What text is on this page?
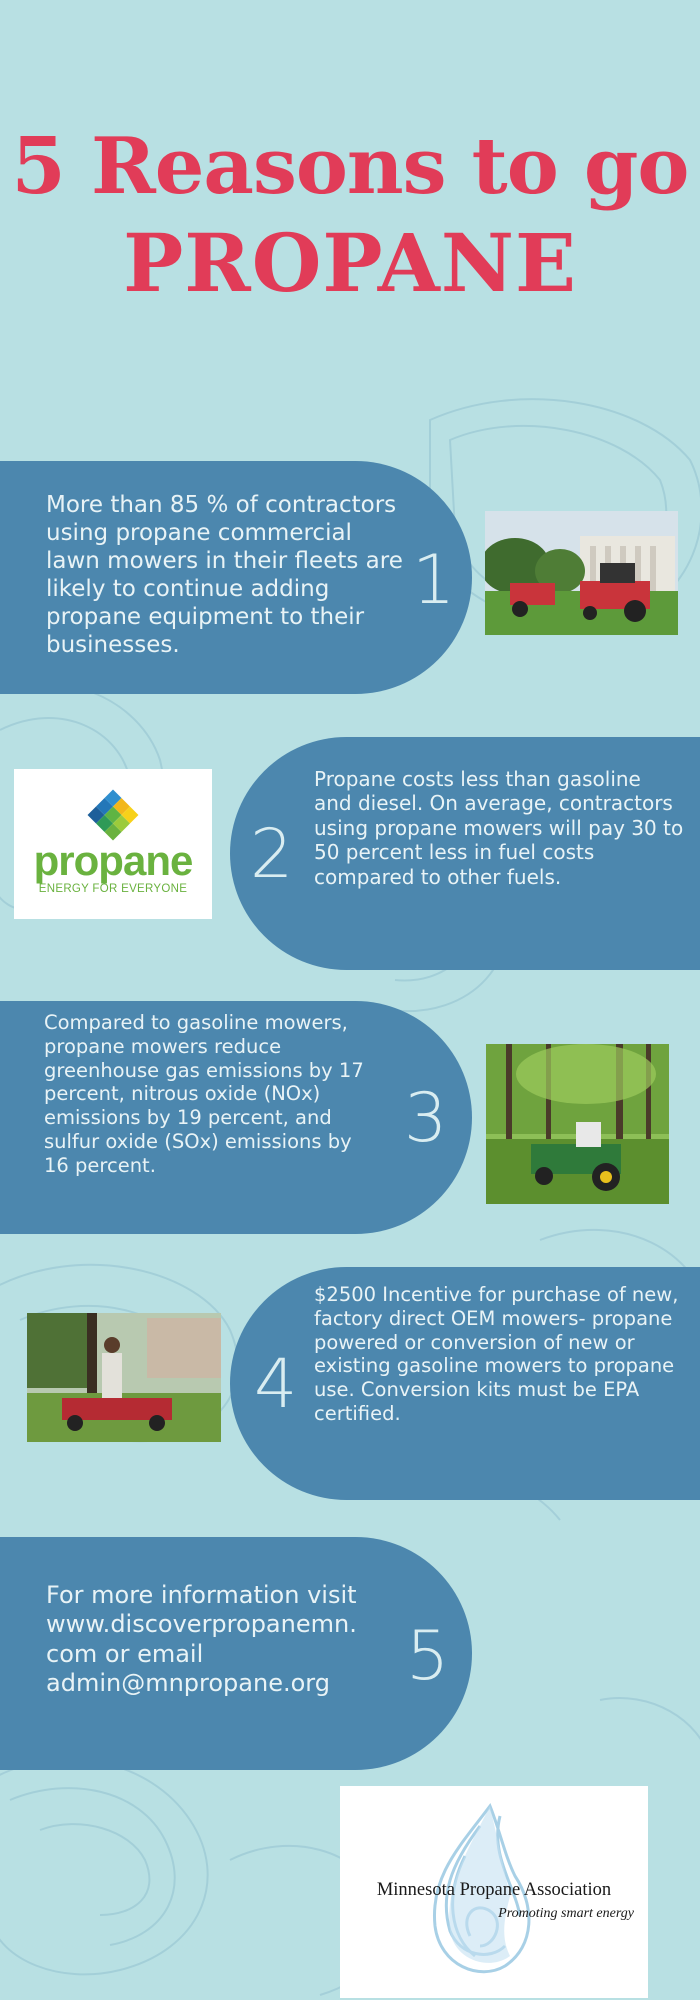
5 Reasons to go
PROPANE
More than 85 % of contractors using propane commercial lawn mowers in their fleets are likely to continue adding propane equipment to their businesses.
1
propane
ENERGY FOR EVERYONE 2
Propane costs less than gasoline and diesel. On average, contractors using propane mowers will pay 30 to 50 percent less in fuel costs compared to other fuels.
Compared to gasoline mowers, propane mowers reduce greenhouse gas emissions by 17 percent, nitrous oxide (NOx) emissions by 19 percent, and sulfur oxide (SOx) emissions by 16 percent.
3
4
$2500 Incentive for purchase of new, factory direct OEM mowers- propane powered or conversion of new or existing gasoline mowers to propane use. Conversion kits must be EPA certified.
For more information visit www.discoverpropanemn. com or email admin@mnpropane.org	5
Minnesota Propane Association
Promoting smart energy
